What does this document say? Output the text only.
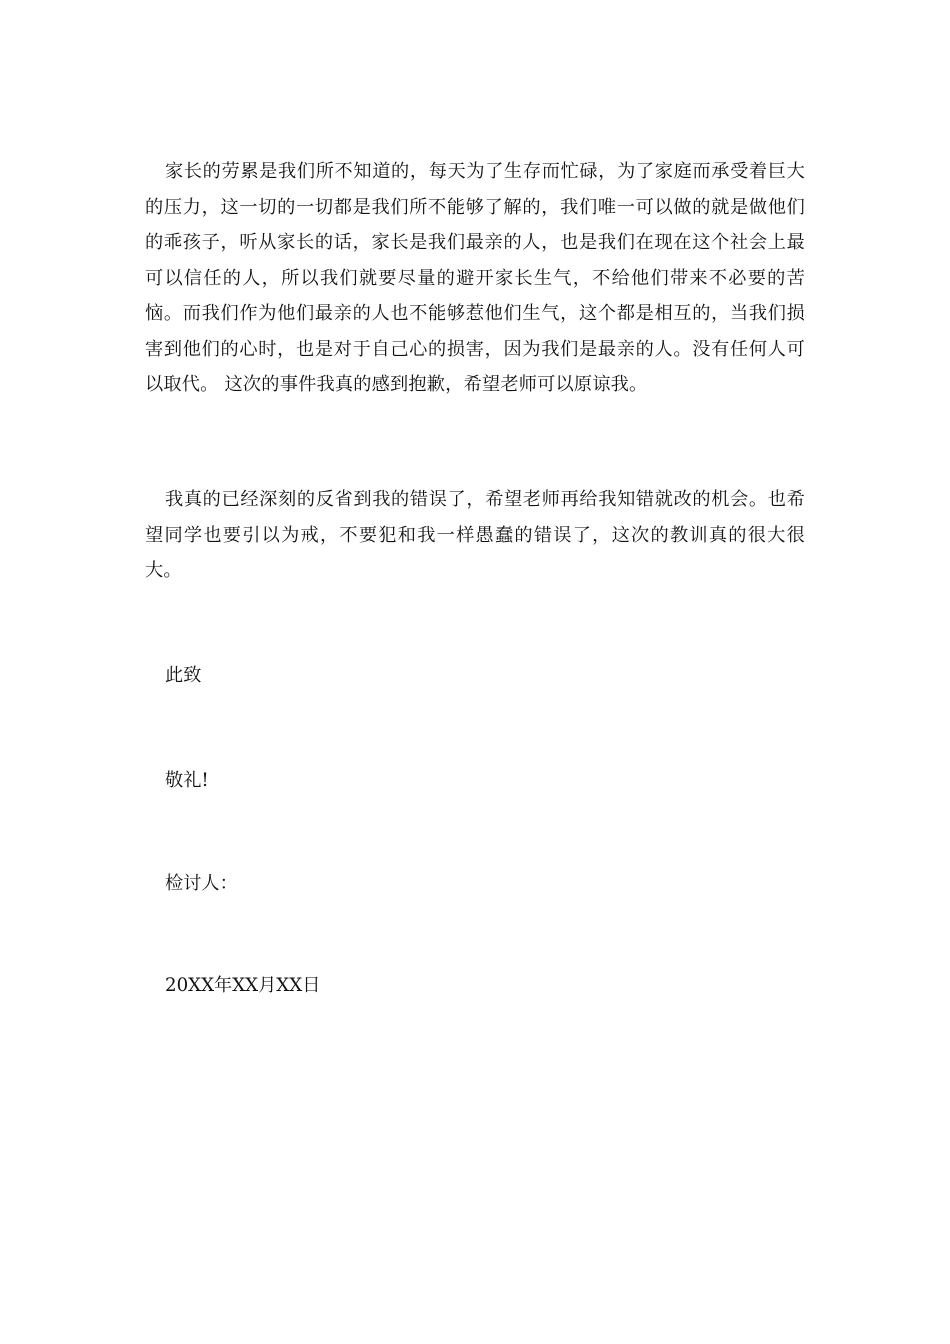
家长的劳累是我们所不知道的，每天为了生存而忙碌，为了家庭而承受着巨大的压力，这一切的一切都是我们所不能够了解的，我们唯一可以做的就是做他们的乖孩子，听从家长的话，家长是我们最亲的人，也是我们在现在这个社会上最可以信任的人，所以我们就要尽量的避开家长生气，不给他们带来不必要的苦恼。而我们作为他们最亲的人也不能够惹他们生气，这个都是相互的，当我们损害到他们的心时，也是对于自己心的损害，因为我们是最亲的人。没有任何人可以取代。 这次的事件我真的感到抱歉，希望老师可以原谅我。

我真的已经深刻的反省到我的错误了，希望老师再给我知错就改的机会。也希望同学也要引以为戒，不要犯和我一样愚蠢的错误了，这次的教训真的很大很大。

此致

敬礼!

检讨人：

20XX年XX月XX日
